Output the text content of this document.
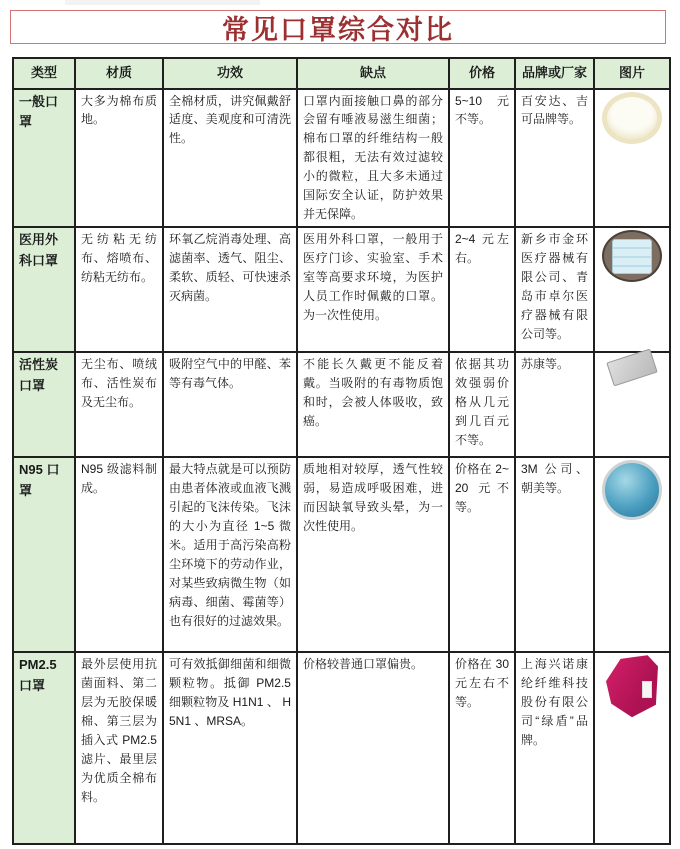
常见口罩综合对比
类型	材质	功效	缺点	价格	品牌或厂家	图片
一般口罩	大多为棉布质地。	全棉材质，讲究佩戴舒适度、美观度和可清洗性。	口罩内面接触口鼻的部分会留有唾液易滋生细菌；棉布口罩的纤维结构一般都很粗，无法有效过滤较小的微粒，且大多未通过国际安全认证，防护效果并无保障。	5~10 元不等。	百安达、吉可品牌等。	

医用外科口罩	无纺粘无纺布、熔喷布、纺粘无纺布。	环氧乙烷消毒处理、高滤菌率、透气、阻尘、柔软、质轻、可快速杀灭病菌。	医用外科口罩，一般用于医疗门诊、实验室、手术室等高要求环境，为医护人员工作时佩戴的口罩。为一次性使用。	2~4 元左右。	新乡市金环医疗器械有限公司、青岛市卓尔医疗器械有限公司等。	

活性炭口罩	无尘布、喷绒布、活性炭布及无尘布。	吸附空气中的甲醛、苯等有毒气体。	不能长久戴更不能反着戴。当吸附的有毒物质饱和时，会被人体吸收，致癌。	依据其功效强弱价格从几元到几百元不等。	苏康等。	

N95 口罩	N95 级滤料制成。	最大特点就是可以预防由患者体液或血液飞溅引起的飞沫传染。飞沫的大小为直径 1~5 微米。适用于高污染高粉尘环境下的劳动作业，对某些致病微生物（如病毒、细菌、霉菌等）也有很好的过滤效果。	质地相对较厚，透气性较弱，易造成呼吸困难，进而因缺氧导致头晕，为一次性使用。	价格在 2~20 元不等。	3M 公司、朝美等。	

PM2.5口罩	最外层使用抗菌面料、第二层为无胶保暖棉、第三层为插入式 PM2.5 滤片、最里层为优质全棉布料。	可有效抵御细菌和细微颗粒物。抵御 PM2.5 细颗粒物及 H1N1 、 H5N1 、MRSA。	价格较普通口罩偏贵。	价格在 30 元左右不等。	上海兴诺康纶纤维科技股份有限公司“绿盾”品牌。	
